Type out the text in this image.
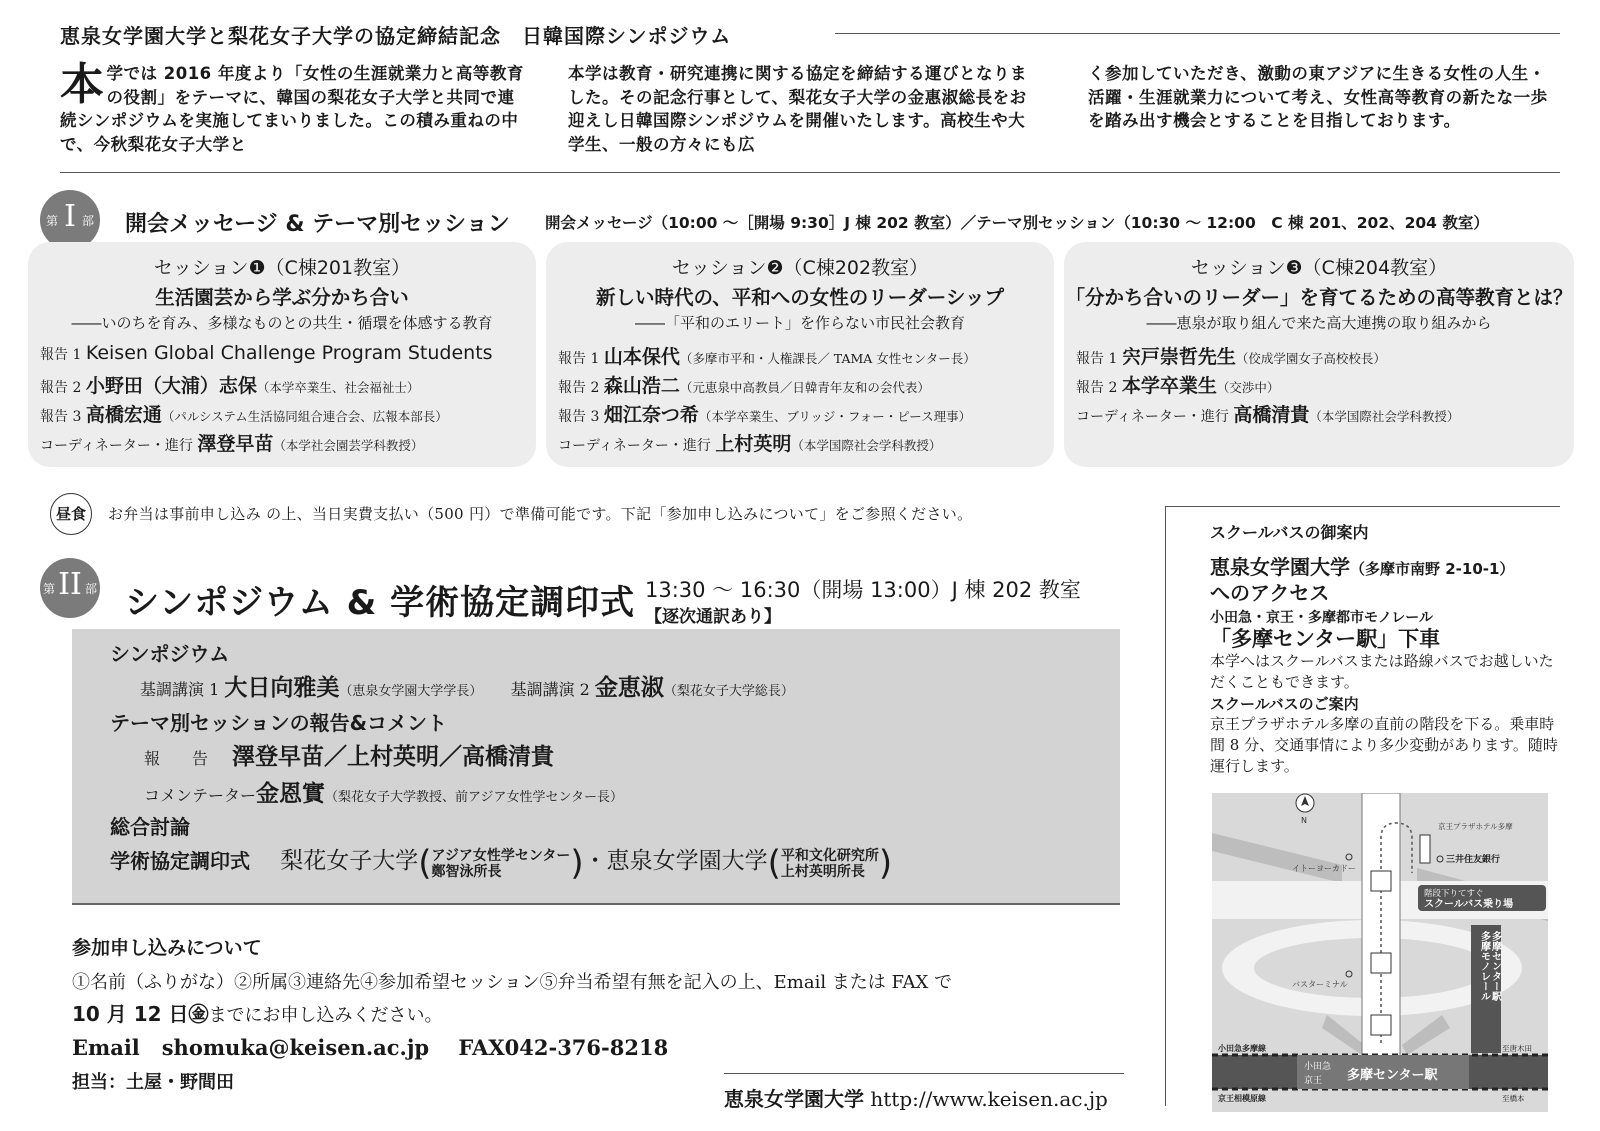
恵泉女学園大学と梨花女子大学の協定締結記念　日韓国際シンポジウム
本学では 2016 年度より「女性の生涯就業力と高等教育の役割」をテーマに、韓国の梨花女子大学と共同で連続シンポジウムを実施してまいりました。この積み重ねの中で、今秋梨花女子大学と
本学は教育・研究連携に関する協定を締結する運びとなりました。その記念行事として、梨花女子大学の金惠淑総長をお迎えし日韓国際シンポジウムを開催いたします。高校生や大学生、一般の方々にも広
く参加していただき、激動の東アジアに生きる女性の人生・活躍・生涯就業力について考え、女性高等教育の新たな一歩を踏み出す機会とすることを目指しております。
第 I 部 開会メッセージ & テーマ別セッション 開会メッセージ（10:00 ～［開場 9:30］J 棟 202 教室）／テーマ別セッション（10:30 ～ 12:00　C 棟 201、202、204 教室）
セッション❶（C棟201教室）
生活園芸から学ぶ分かち合い
――いのちを育み、多様なものとの共生・循環を体感する教育
報告 1 Keisen Global Challenge Program Students
報告 2 小野田（大浦）志保（本学卒業生、社会福祉士）
報告 3 高橋宏通（パルシステム生活協同組合連合会、広報本部長）
コーディネーター・進行 澤登早苗（本学社会園芸学科教授）
セッション❷（C棟202教室）
新しい時代の、平和への女性のリーダーシップ
――「平和のエリート」を作らない市民社会教育
報告 1 山本保代（多摩市平和・人権課長／ TAMA 女性センター長）
報告 2 森山浩二（元恵泉中高教員／日韓青年友和の会代表）
報告 3 畑江奈つ希（本学卒業生、ブリッジ・フォー・ピース理事）
コーディネーター・進行 上村英明（本学国際社会学科教授）
セッション❸（C棟204教室）
「分かち合いのリーダー」を育てるための高等教育とは？
――恵泉が取り組んで来た高大連携の取り組みから
報告 1 宍戸崇哲先生（佼成学園女子高校校長）
報告 2 本学卒業生（交渉中）
コーディネーター・進行 高橋清貴（本学国際社会学科教授）
昼食	お弁当は事前申し込み の上、当日実費支払い（500 円）で準備可能です。下記「参加申し込みについて」をご参照ください。
第 II 部 シンポジウム & 学術協定調印式 13:30 ～ 16:30（開場 13:00）J 棟 202 教室
【逐次通訳あり】
シンポジウム
基調講演 1 大日向雅美（恵泉女学園大学学長） 基調講演 2 金恵淑（梨花女子大学総長）
テーマ別セッションの報告&コメント
報　　告 澤登早苗／上村英明／高橋清貴
コメンテーター金恩實（梨花女子大学教授、前アジア女性学センター長）
総合討論
学術協定調印式 梨花女子大学(アジア女性学センター
鄭智泳所長 )・恵泉女学園大学(平和文化研究所
上村英明所長 )
参加申し込みについて
①名前（ふりがな）②所属③連絡先④参加希望セッション⑤弁当希望有無を記入の上、Email または FAX で
10 月 12 日㊎までにお申し込みください。
Email shomuka@keisen.ac.jp FAX042-376-8218
担当：土屋・野間田
恵泉女学園大学 http://www.keisen.ac.jp
スクールバスの御案内
恵泉女学園大学（多摩市南野 2-10-1）
へのアクセス
小田急・京王・多摩都市モノレール
「多摩センター駅」下車
本学へはスクールバスまたは路線バスでお越しいただくこともできます。
スクールバスのご案内
京王プラザホテル多摩の直前の階段を下る。乗車時間 8 分、交通事情により多少変動があります。随時運行します。
多摩モノレール 多摩センター駅
階段下りてすぐ
スクールバス乗り場
京王プラザホテル多摩
三井住友銀行
イトーヨーカドー
バスターミナル
N
小田急多摩線
京王相模原線
小田急
京王 多摩センター駅
至唐木田
至橋本
